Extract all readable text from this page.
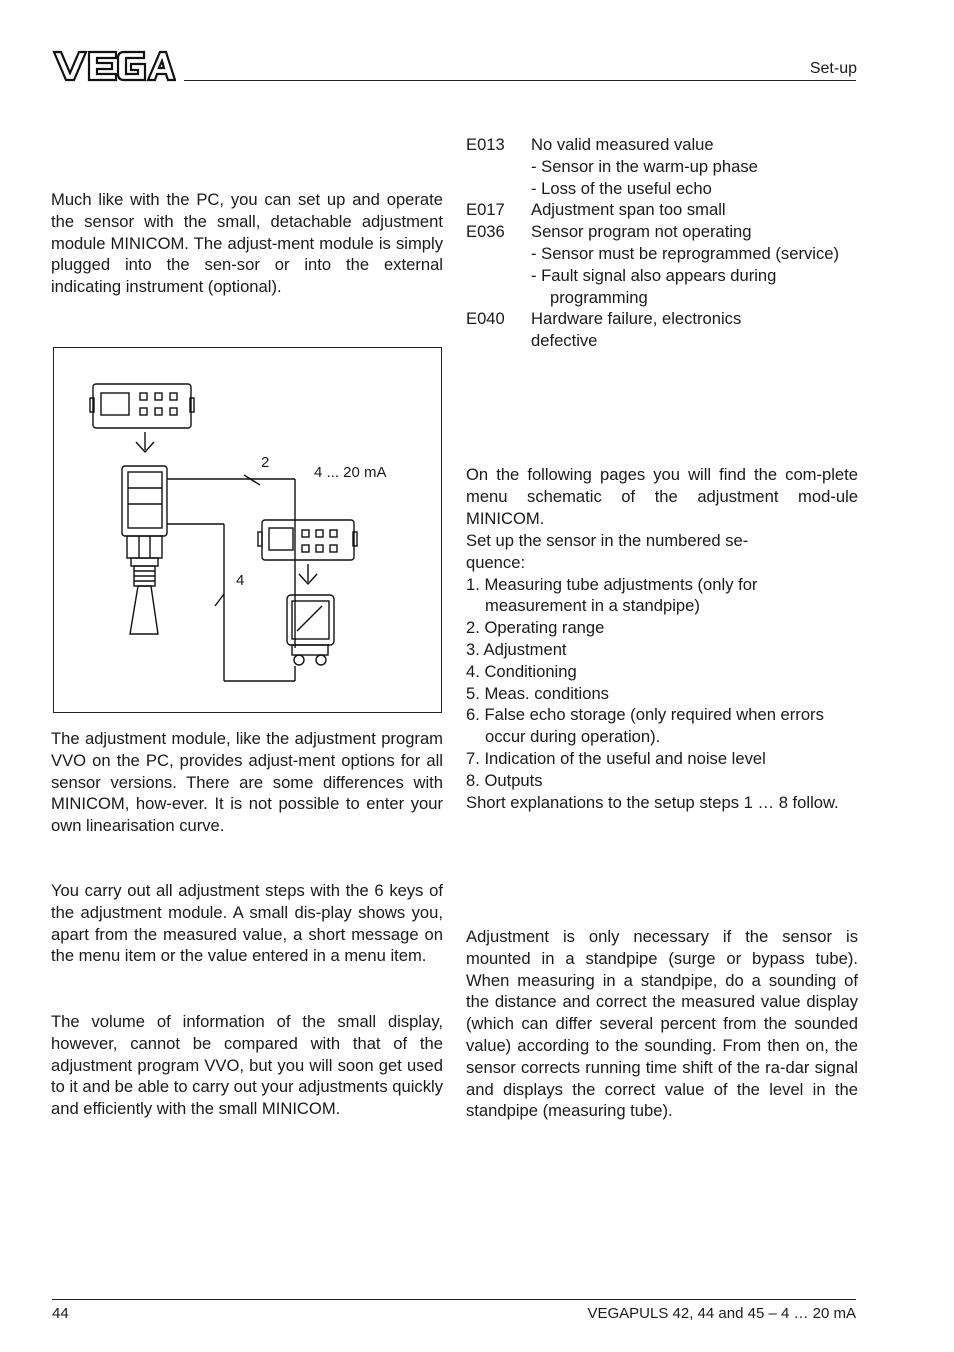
Set-up

Much like with the PC, you can set up and operate the sensor with the small, detachable adjustment module MINICOM. The adjust-ment module is simply plugged into the sen-sor or into the external indicating instrument (optional).

2
4 ... 20 mA
4

The adjustment module, like the adjustment program VVO on the PC, provides adjust-ment options for all sensor versions. There are some differences with MINICOM, how-ever. It is not possible to enter your own linearisation curve.

You carry out all adjustment steps with the 6 keys of the adjustment module. A small dis-play shows you, apart from the measured value, a short message on the menu item or the value entered in a menu item.

The volume of information of the small display, however, cannot be compared with that of the adjustment program VVO, but you will soon get used to it and be able to carry out your adjustments quickly and efficiently with the small MINICOM.

E013	No valid measured value
- Sensor in the warm-up phase
- Loss of the useful echo
E017	Adjustment span too small
E036	Sensor program not operating
- Sensor must be reprogrammed (service)
- Fault signal also appears during programming
E040	Hardware failure, electronics defective

On the following pages you will find the com-plete menu schematic of the adjustment mod-ule MINICOM.

Set up the sensor in the numbered se-quence:

1. Measuring tube adjustments (only for measurement in a standpipe)
2. Operating range
3. Adjustment
4. Conditioning
5. Meas. conditions
6. False echo storage (only required when errors occur during operation).
7. Indication of the useful and noise level
8. Outputs

Short explanations to the setup steps 1 … 8 follow.

Adjustment is only necessary if the sensor is mounted in a standpipe (surge or bypass tube). When measuring in a standpipe, do a sounding of the distance and correct the measured value display (which can differ several percent from the sounded value) according to the sounding. From then on, the sensor corrects running time shift of the ra-dar signal and displays the correct value of the level in the standpipe (measuring tube).

44	VEGAPULS 42, 44 and 45 – 4 … 20 mA
